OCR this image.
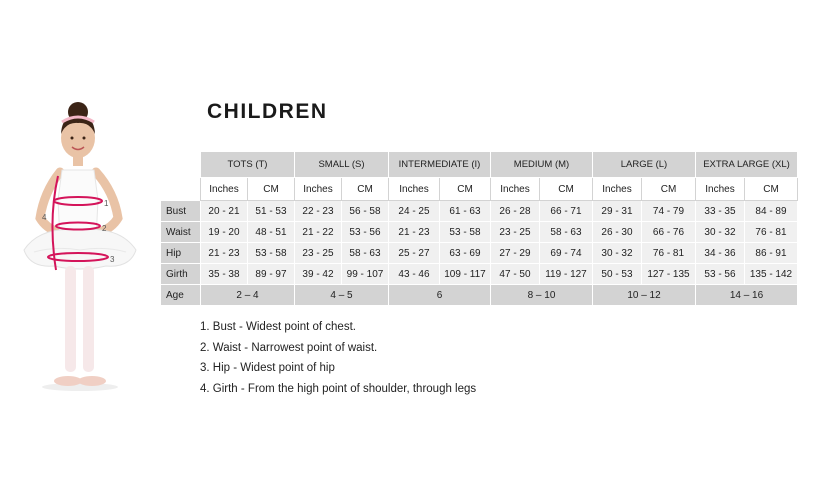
1
2
3
4
CHILDREN
	TOTS (T)		SMALL (S)		INTERMEDIATE (I)		MEDIUM (M)		LARGE (L)		EXTRA LARGE (XL)	
	Inches	CM	Inches	CM	Inches	CM	Inches	CM	Inches	CM	Inches	CM
Bust	20 - 21	51 - 53	22 - 23	56 - 58	24 - 25	61 - 63	26 - 28	66 - 71	29 - 31	74 - 79	33 - 35	84 - 89
Waist	19 - 20	48 - 51	21 - 22	53 - 56	21 - 23	53 - 58	23 - 25	58 - 63	26 - 30	66 - 76	30 - 32	76 - 81
Hip	21 - 23	53 - 58	23 - 25	58 - 63	25 - 27	63 - 69	27 - 29	69 - 74	30 - 32	76 - 81	34 - 36	86 - 91
Girth	35 - 38	89 - 97	39 - 42	99 - 107	43 - 46	109 - 117	47 - 50	119 - 127	50 - 53	127 - 135	53 - 56	135 - 142
Age	2 – 4		4 – 5		6		8 – 10		10 – 12		14 – 16	
1. Bust - Widest point of chest.
2. Waist - Narrowest point of waist.
3. Hip - Widest point of hip
4. Girth - From the high point of shoulder, through legs
